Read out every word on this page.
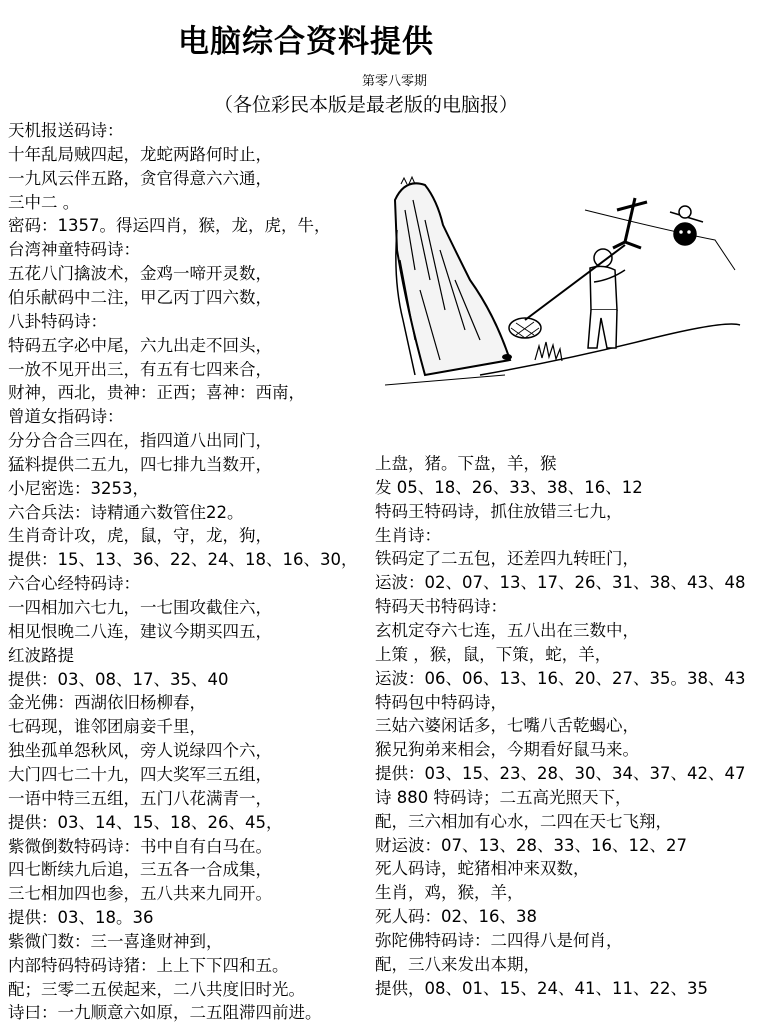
电脑综合资料提供
第零八零期
（各位彩民本版是最老版的电脑报）
天机报送码诗：
十年乱局贼四起，龙蛇两路何时止，
一九风云伴五路，贪官得意六六通，
三中二 。
密码：1357。得运四肖，猴，龙，虎，牛，
台湾神童特码诗：
五花八门擒波术，金鸡一啼开灵数，
伯乐献码中二注，甲乙丙丁四六数，
八卦特码诗：
特码五字必中尾，六九出走不回头，
一放不见开出三，有五有七四来合，
财神，西北，贵神：正西；喜神：西南，
曾道女指码诗：
分分合合三四在，指四道八出同门，
猛料提供二五九，四七排九当数开，
小尼密选：3253，
六合兵法：诗精通六数管住22。
生肖奇计攻，虎，鼠，守，龙，狗，
提供：15、13、36、22、24、18、16、30，
六合心经特码诗：
一四相加六七九，一七围攻截住六，
相见恨晚二八连，建议今期买四五，
红波路提
提供：03、08、17、35、40
金光佛：西湖依旧杨柳春，
七码现，谁邻团扇妾千里，
独坐孤单怨秋风，旁人说绿四个六，
大门四七二十九，四大奖军三五组，
一语中特三五组，五门八花满青一，
提供：03、14、15、18、26、45，
紫微倒数特码诗：书中自有白马在。
四七断续九后追，三五各一合成集，
三七相加四也参，五八共来九同开。
提供：03、18。36
紫微门数：三一喜逢财神到，
内部特码特码诗猪：上上下下四和五。
配；三零二五侯起来，二八共度旧时光。
诗曰：一九顺意六如原，二五阻滞四前进。
上盘，猪。下盘，羊，猴
发 05、18、26、33、38、16、12
特码王特码诗，抓住放错三七九，
生肖诗：
铁码定了二五包，还差四九转旺门，
运波：02、07、13、17、26、31、38、43、48
特码天书特码诗：
玄机定夺六七连，五八出在三数中，
上策 ，猴，鼠，下策，蛇，羊，
运波：06、06、13、16、20、27、35。38、43
特码包中特码诗，
三姑六婆闲话多，七嘴八舌乾蝎心，
猴兄狗弟来相会，今期看好鼠马来。
提供：03、15、23、28、30、34、37、42、47
诗 880 特码诗；二五高光照天下，
配，三六相加有心水，二四在天七飞翔，
财运波：07、13、28、33、16、12、27
死人码诗，蛇猪相冲来双数，
生肖，鸡，猴，羊，
死人码：02、16、38
弥陀佛特码诗：二四得八是何肖，
配，三八来发出本期，
提供，08、01、15、24、41、11、22、35
